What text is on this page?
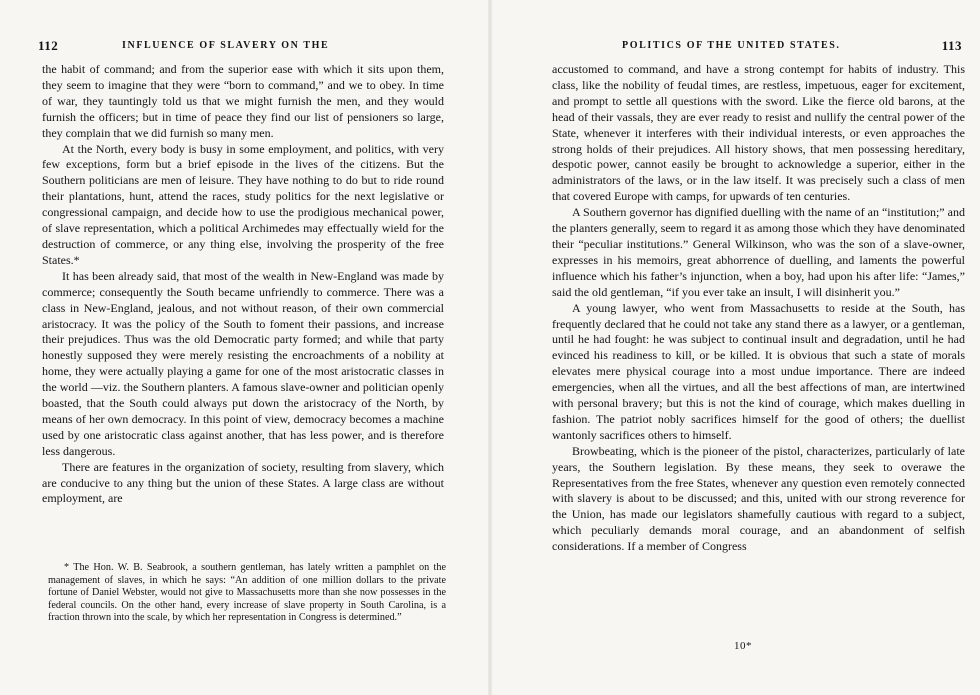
112	INFLUENCE OF SLAVERY ON THE

the habit of command; and from the superior ease with which it sits upon them, they seem to imagine that they were “born to command,” and we to obey. In time of war, they tauntingly told us that we might furnish the men, and they would furnish the officers; but in time of peace they find our list of pensioners so large, they complain that we did furnish so many men.

At the North, every body is busy in some employment, and politics, with very few exceptions, form but a brief episode in the lives of the citizens. But the Southern politicians are men of leisure. They have nothing to do but to ride round their plantations, hunt, attend the races, study politics for the next legislative or congressional campaign, and decide how to use the prodigious mechanical power, of slave representation, which a political Archimedes may effectually wield for the destruction of commerce, or any thing else, involving the prosperity of the free States.*

It has been already said, that most of the wealth in New-England was made by commerce; consequently the South became unfriendly to commerce. There was a class in New-England, jealous, and not without reason, of their own commercial aristocracy. It was the policy of the South to foment their passions, and increase their prejudices. Thus was the old Democratic party formed; and while that party honestly supposed they were merely resisting the encroachments of a nobility at home, they were actually playing a game for one of the most aristocratic classes in the world —viz. the Southern planters. A famous slave-owner and politician openly boasted, that the South could always put down the aristocracy of the North, by means of her own democracy. In this point of view, democracy becomes a machine used by one aristocratic class against another, that has less power, and is therefore less dangerous.

There are features in the organization of society, resulting from slavery, which are conducive to any thing but the union of these States. A large class are without employment, are

* The Hon. W. B. Seabrook, a southern gentleman, has lately written a pamphlet on the management of slaves, in which he says: “An addition of one million dollars to the private fortune of Daniel Webster, would not give to Massachusetts more than she now possesses in the federal councils. On the other hand, every increase of slave property in South Carolina, is a fraction thrown into the scale, by which her representation in Congress is determined.”
POLITICS OF THE UNITED STATES.	113

accustomed to command, and have a strong contempt for habits of industry. This class, like the nobility of feudal times, are restless, impetuous, eager for excitement, and prompt to settle all questions with the sword. Like the fierce old barons, at the head of their vassals, they are ever ready to resist and nullify the central power of the State, whenever it interferes with their individual interests, or even approaches the strong holds of their prejudices. All history shows, that men possessing hereditary, despotic power, cannot easily be brought to acknowledge a superior, either in the administrators of the laws, or in the law itself. It was precisely such a class of men that covered Europe with camps, for upwards of ten centuries.

A Southern governor has dignified duelling with the name of an “institution;” and the planters generally, seem to regard it as among those which they have denominated their “peculiar institutions.” General Wilkinson, who was the son of a slave-owner, expresses in his memoirs, great abhorrence of duelling, and laments the powerful influence which his father’s injunction, when a boy, had upon his after life: “James,” said the old gentleman, “if you ever take an insult, I will disinherit you.”

A young lawyer, who went from Massachusetts to reside at the South, has frequently declared that he could not take any stand there as a lawyer, or a gentleman, until he had fought: he was subject to continual insult and degradation, until he had evinced his readiness to kill, or be killed. It is obvious that such a state of morals elevates mere physical courage into a most undue importance. There are indeed emergencies, when all the virtues, and all the best affections of man, are intertwined with personal bravery; but this is not the kind of courage, which makes duelling in fashion. The patriot nobly sacrifices himself for the good of others; the duellist wantonly sacrifices others to himself.

Browbeating, which is the pioneer of the pistol, characterizes, particularly of late years, the Southern legislation. By these means, they seek to overawe the Representatives from the free States, whenever any question even remotely connected with slavery is about to be discussed; and this, united with our strong reverence for the Union, has made our legislators shamefully cautious with regard to a subject, which peculiarly demands moral courage, and an abandonment of selfish considerations. If a member of Congress

10*
